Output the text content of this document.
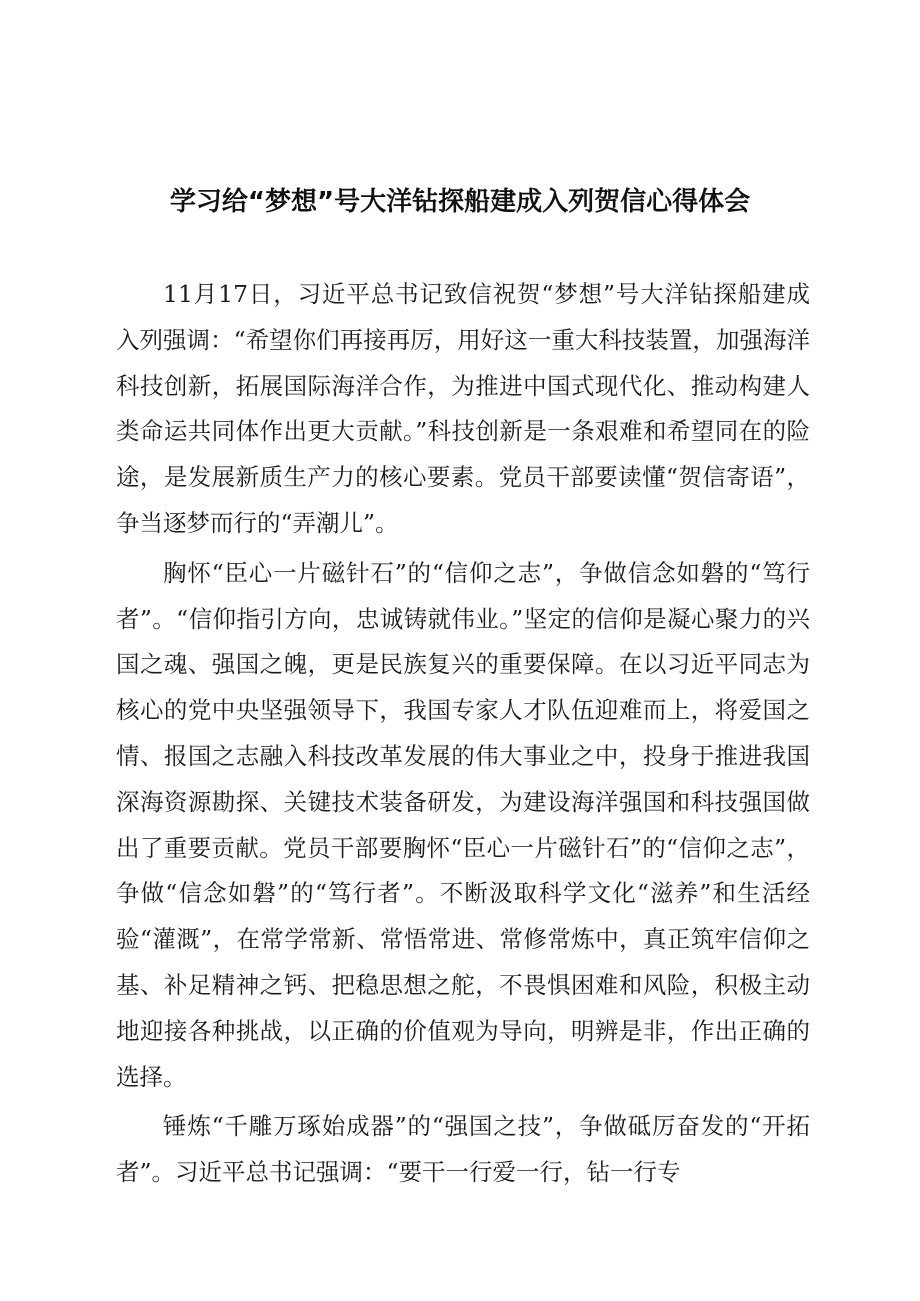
学习给“梦想”号大洋钻探船建成入列贺信心得体会

11月17日，习近平总书记致信祝贺“梦想”号大洋钻探船建成入列强调：“希望你们再接再厉，用好这一重大科技装置，加强海洋科技创新，拓展国际海洋合作，为推进中国式现代化、推动构建人类命运共同体作出更大贡献。”科技创新是一条艰难和希望同在的险途，是发展新质生产力的核心要素。党员干部要读懂“贺信寄语”，争当逐梦而行的“弄潮儿”。

胸怀“臣心一片磁针石”的“信仰之志”，争做信念如磐的“笃行者”。“信仰指引方向，忠诚铸就伟业。”坚定的信仰是凝心聚力的兴国之魂、强国之魄，更是民族复兴的重要保障。在以习近平同志为核心的党中央坚强领导下，我国专家人才队伍迎难而上，将爱国之情、报国之志融入科技改革发展的伟大事业之中，投身于推进我国深海资源勘探、关键技术装备研发，为建设海洋强国和科技强国做出了重要贡献。党员干部要胸怀“臣心一片磁针石”的“信仰之志”，争做“信念如磐”的“笃行者”。不断汲取科学文化“滋养”和生活经验“灌溉”，在常学常新、常悟常进、常修常炼中，真正筑牢信仰之基、补足精神之钙、把稳思想之舵，不畏惧困难和风险，积极主动地迎接各种挑战，以正确的价值观为导向，明辨是非，作出正确的选择。

锤炼“千雕万琢始成器”的“强国之技”，争做砥厉奋发的“开拓者”。习近平总书记强调：“要干一行爱一行，钻一行专
